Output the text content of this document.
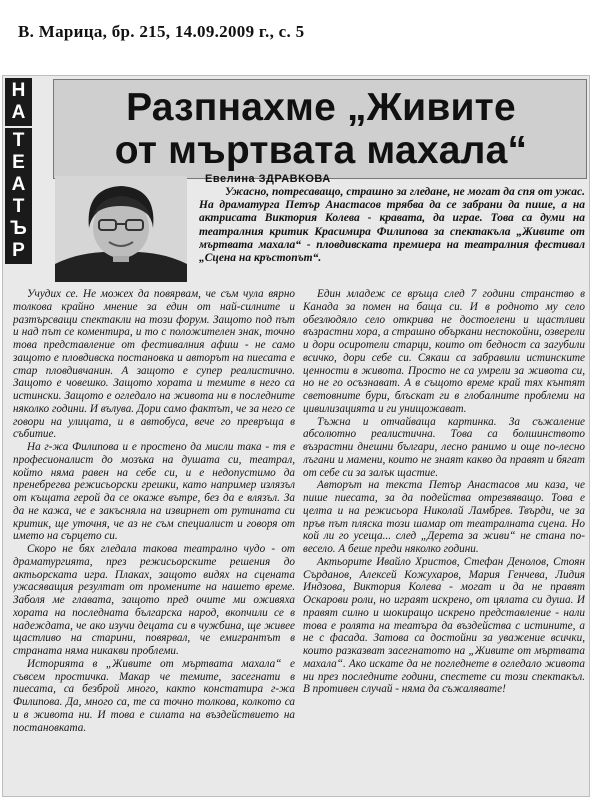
В. Марица, бр. 215, 14.09.2009 г., с. 5
Н
А
Т
Е
А
Т
Ъ
Р
Разпнахме „Живите
от мъртвата махала“
Евелина ЗДРАВКОВА
Ужасно, потресаващо, страшно за гледане, не могат да спя от ужас. На драматурга Петър Анастасов трябва да се забрани да пише, а на актрисата Виктория Колева - кравата, да играе. Това са думи на театралния критик Красимира Филипова за спектакъла „Живите от мъртвата махала“ - пловдивската премиера на театралния фестивал „Сцена на кръстопът“.

Учудих се. Не можех да повярвам, че съм чула вярно толкова крайно мнение за един от най-силните и разтърсващи спектакли на този форум. Защото под път и над път се коментира, и то с положителен знак, точно това представление от фестивалния афиш - не само защото е пловдивска постановка и авторът на пиесата е стар пловдивчанин. А защото е супер реалистично. Защото е човешко. Защото хората и темите в него са истински. Защото е огледало на живота ни в последните няколко години. И вълува. Дори само фактът, че за него се говори на улицата, и в автобуса, вече го превръща в събитие.

На г-жа Филипова и е простено да мисли така - тя е професионалист до мозъка на душата си, театрал, който няма равен на себе си, и е недопустимо да пренебрегва режисьорски грешки, като например излязъл от къщата герой да се окаже вътре, без да е влязъл. За да не кажа, че е закъсняла на извирнет от рутината си критик, ще уточня, че аз не съм специалист и говоря от името на сърцето си.

Скоро не бях гледала такова театрално чудо - от драматургията, през режисьорските решения до актьорската игра. Плаках, защото видях на сцената ужасяващия резултат от промените на нашето време. Заболя ме главата, защото пред очите ми оживяха хората на последната българска народ, вкопчили се в надеждата, че ако изучи децата си в чужбина, ще живее щастливо на старини, повярвал, че емигрантът в страната няма никакви проблеми.

Историята в „Живите от мъртвата махала“ е съвсем простичка. Макар че темите, засегнати в пиесата, са безброй много, както констатира г-жа Филипова. Да, много са, те са точно толкова, колкото са и в живота ни. И това е силата на въздействието на постановката.

Един младеж се връща след 7 години странство в Канада за помен на баща си. И в родното му село обезлюдяло село открива не достоелени и щастливи възрастни хора, а страшно объркани неспокойни, озверели и дори осиротели старци, които от бедност са загубили всичко, дори себе си. Сякаш са забравили истинските ценности в живота. Просто не са умрели за живота си, но не го осъзнават. А в същото време край тях кънтят световните бури, блъскат ги в глобалните проблеми на цивилизацията и ги унищожават.

Тъжна и отчайваща картинка. За съжаление абсолютно реалистична. Това са болшинството възрастни днешни българи, лесно ранимо и още по-лесно лъгани и мамени, които не знаят какво да правят и бягат от себе си за залък щастие.

Авторът на текста Петър Анастасов ми каза, че пише пиесата, за да подейства отрезвяващо. Това е целта и на режисьора Николай Ламбрев. Твърди, че за пръв път пляска този шамар от театралната сцена. Но кой ли го усеща... след „Дерета за живи“ не стана по-весело. А беше преди няколко години.

Актьорите Ивайло Христов, Стефан Денолов, Стоян Сърданов, Алексей Кожухаров, Мария Генчева, Лидия Индзова, Виктория Колева - могат и да не правят Оскарови роли, но играят искрено, от цялата си душа. И правят силно и шокиращо искрено представление - нали това е ролята на театъра да въздейства с истините, а не с фасада. Затова са достойни за уважение всички, които разказват засегнатото на „Живите от мъртвата махала“. Ако искате да не погледнете в огледало живота ни през последните години, спестете си този спектакъл. В противен случай - няма да съжалявате!
